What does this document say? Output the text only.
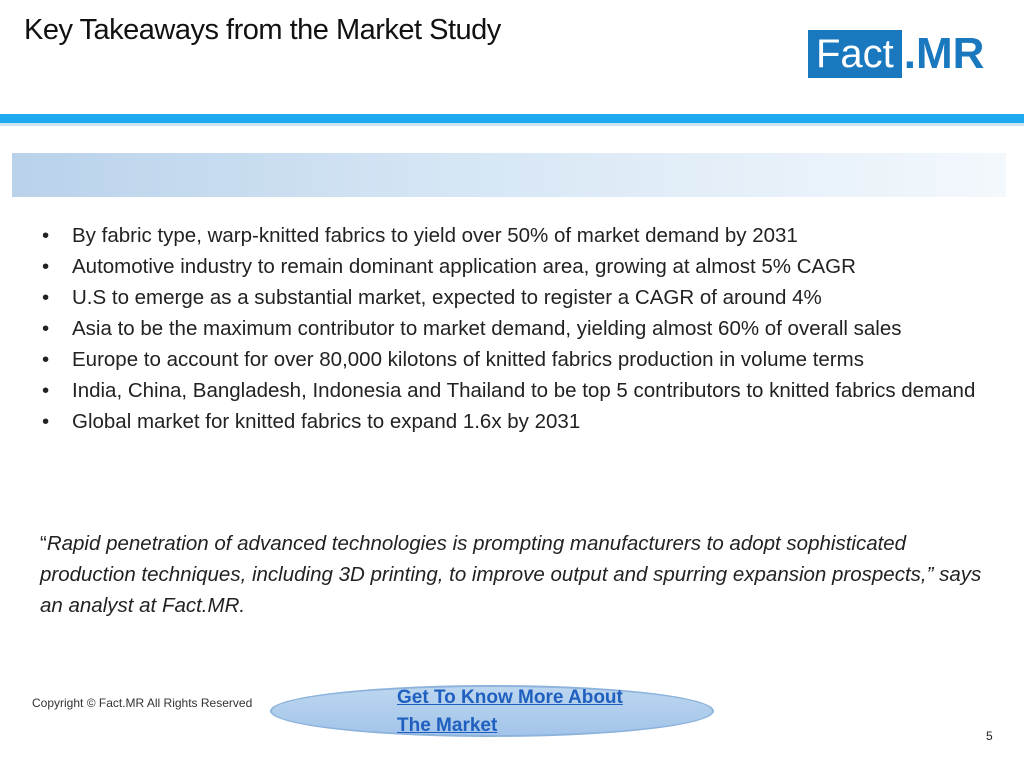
Key Takeaways from the Market Study
Fact .MR
• By fabric type, warp-knitted fabrics to yield over 50% of market demand by 2031
• Automotive industry to remain dominant application area, growing at almost 5% CAGR
• U.S to emerge as a substantial market, expected to register a CAGR of around 4%
• Asia to be the maximum contributor to market demand, yielding almost 60% of overall sales
• Europe to account for over 80,000 kilotons of knitted fabrics production in volume terms
• India, China, Bangladesh, Indonesia and Thailand to be top 5 contributors to knitted fabrics demand
• Global market for knitted fabrics to expand 1.6x by 2031

“Rapid penetration of advanced technologies is prompting manufacturers to adopt sophisticated production techniques, including 3D printing, to improve output and spurring expansion prospects,” says an analyst at Fact.MR.

Copyright © Fact.MR All Rights Reserved	Get To Know More About The Market	5
